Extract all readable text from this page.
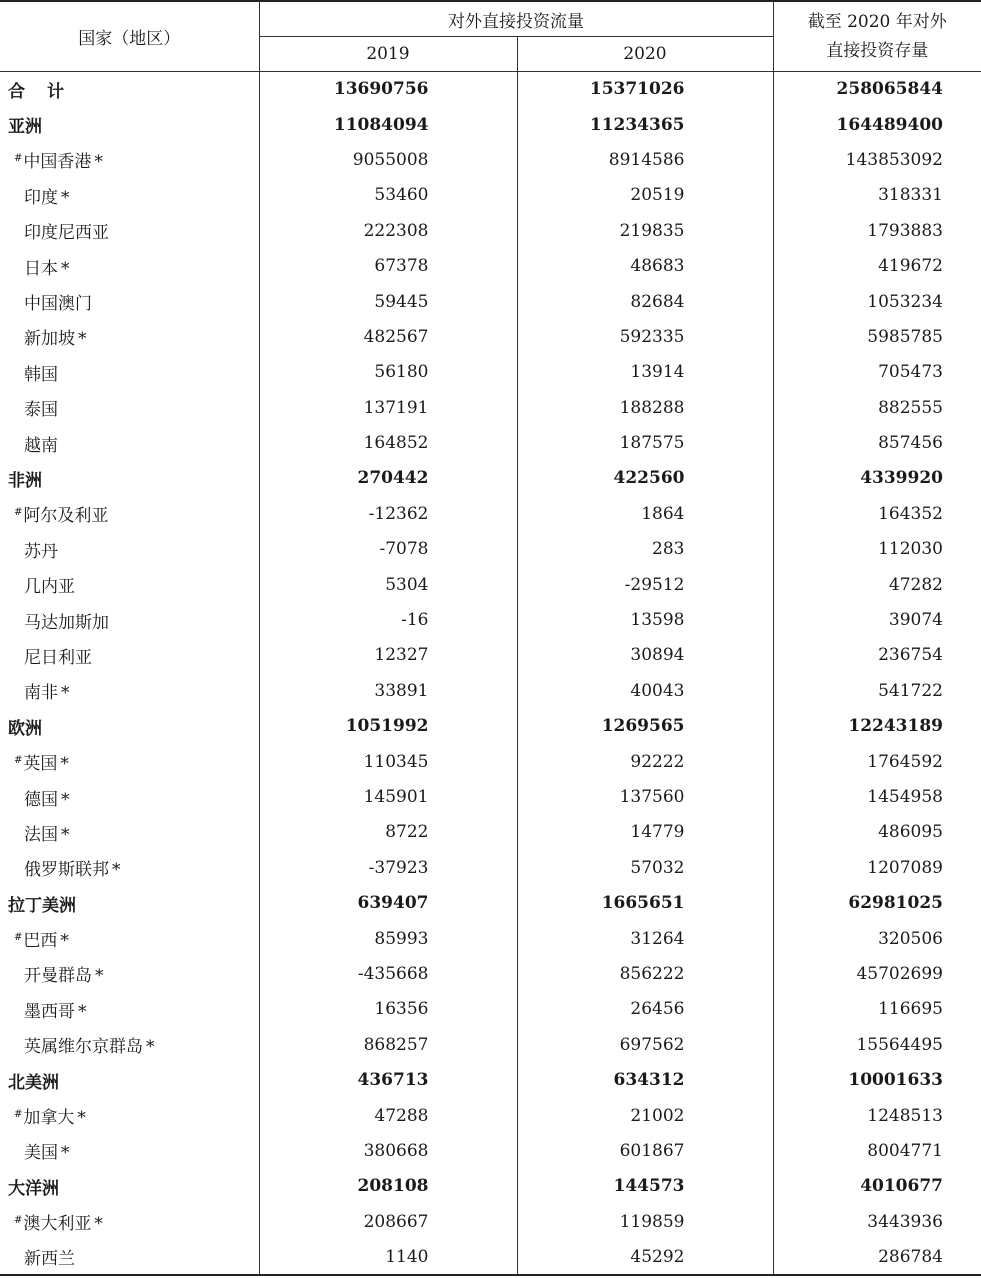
国家（地区）	对外直接投资流量		截至 2020 年对外
直接投资存量
	2019	2020	
合计	13690756	15371026	258065844
亚洲	11084094	11234365	164489400
#中国香港 *	9055008	8914586	143853092
印度 *	53460	20519	318331
印度尼西亚	222308	219835	1793883
日本 *	67378	48683	419672
中国澳门	59445	82684	1053234
新加坡 *	482567	592335	5985785
韩国	56180	13914	705473
泰国	137191	188288	882555
越南	164852	187575	857456
非洲	270442	422560	4339920
#阿尔及利亚	-12362	1864	164352
苏丹	-7078	283	112030
几内亚	5304	-29512	47282
马达加斯加	-16	13598	39074
尼日利亚	12327	30894	236754
南非 *	33891	40043	541722
欧洲	1051992	1269565	12243189
#英国 *	110345	92222	1764592
德国 *	145901	137560	1454958
法国 *	8722	14779	486095
俄罗斯联邦 *	-37923	57032	1207089
拉丁美洲	639407	1665651	62981025
#巴西 *	85993	31264	320506
开曼群岛 *	-435668	856222	45702699
墨西哥 *	16356	26456	116695
英属维尔京群岛 *	868257	697562	15564495
北美洲	436713	634312	10001633
#加拿大 *	47288	21002	1248513
美国 *	380668	601867	8004771
大洋洲	208108	144573	4010677
#澳大利亚 *	208667	119859	3443936
新西兰	1140	45292	286784
